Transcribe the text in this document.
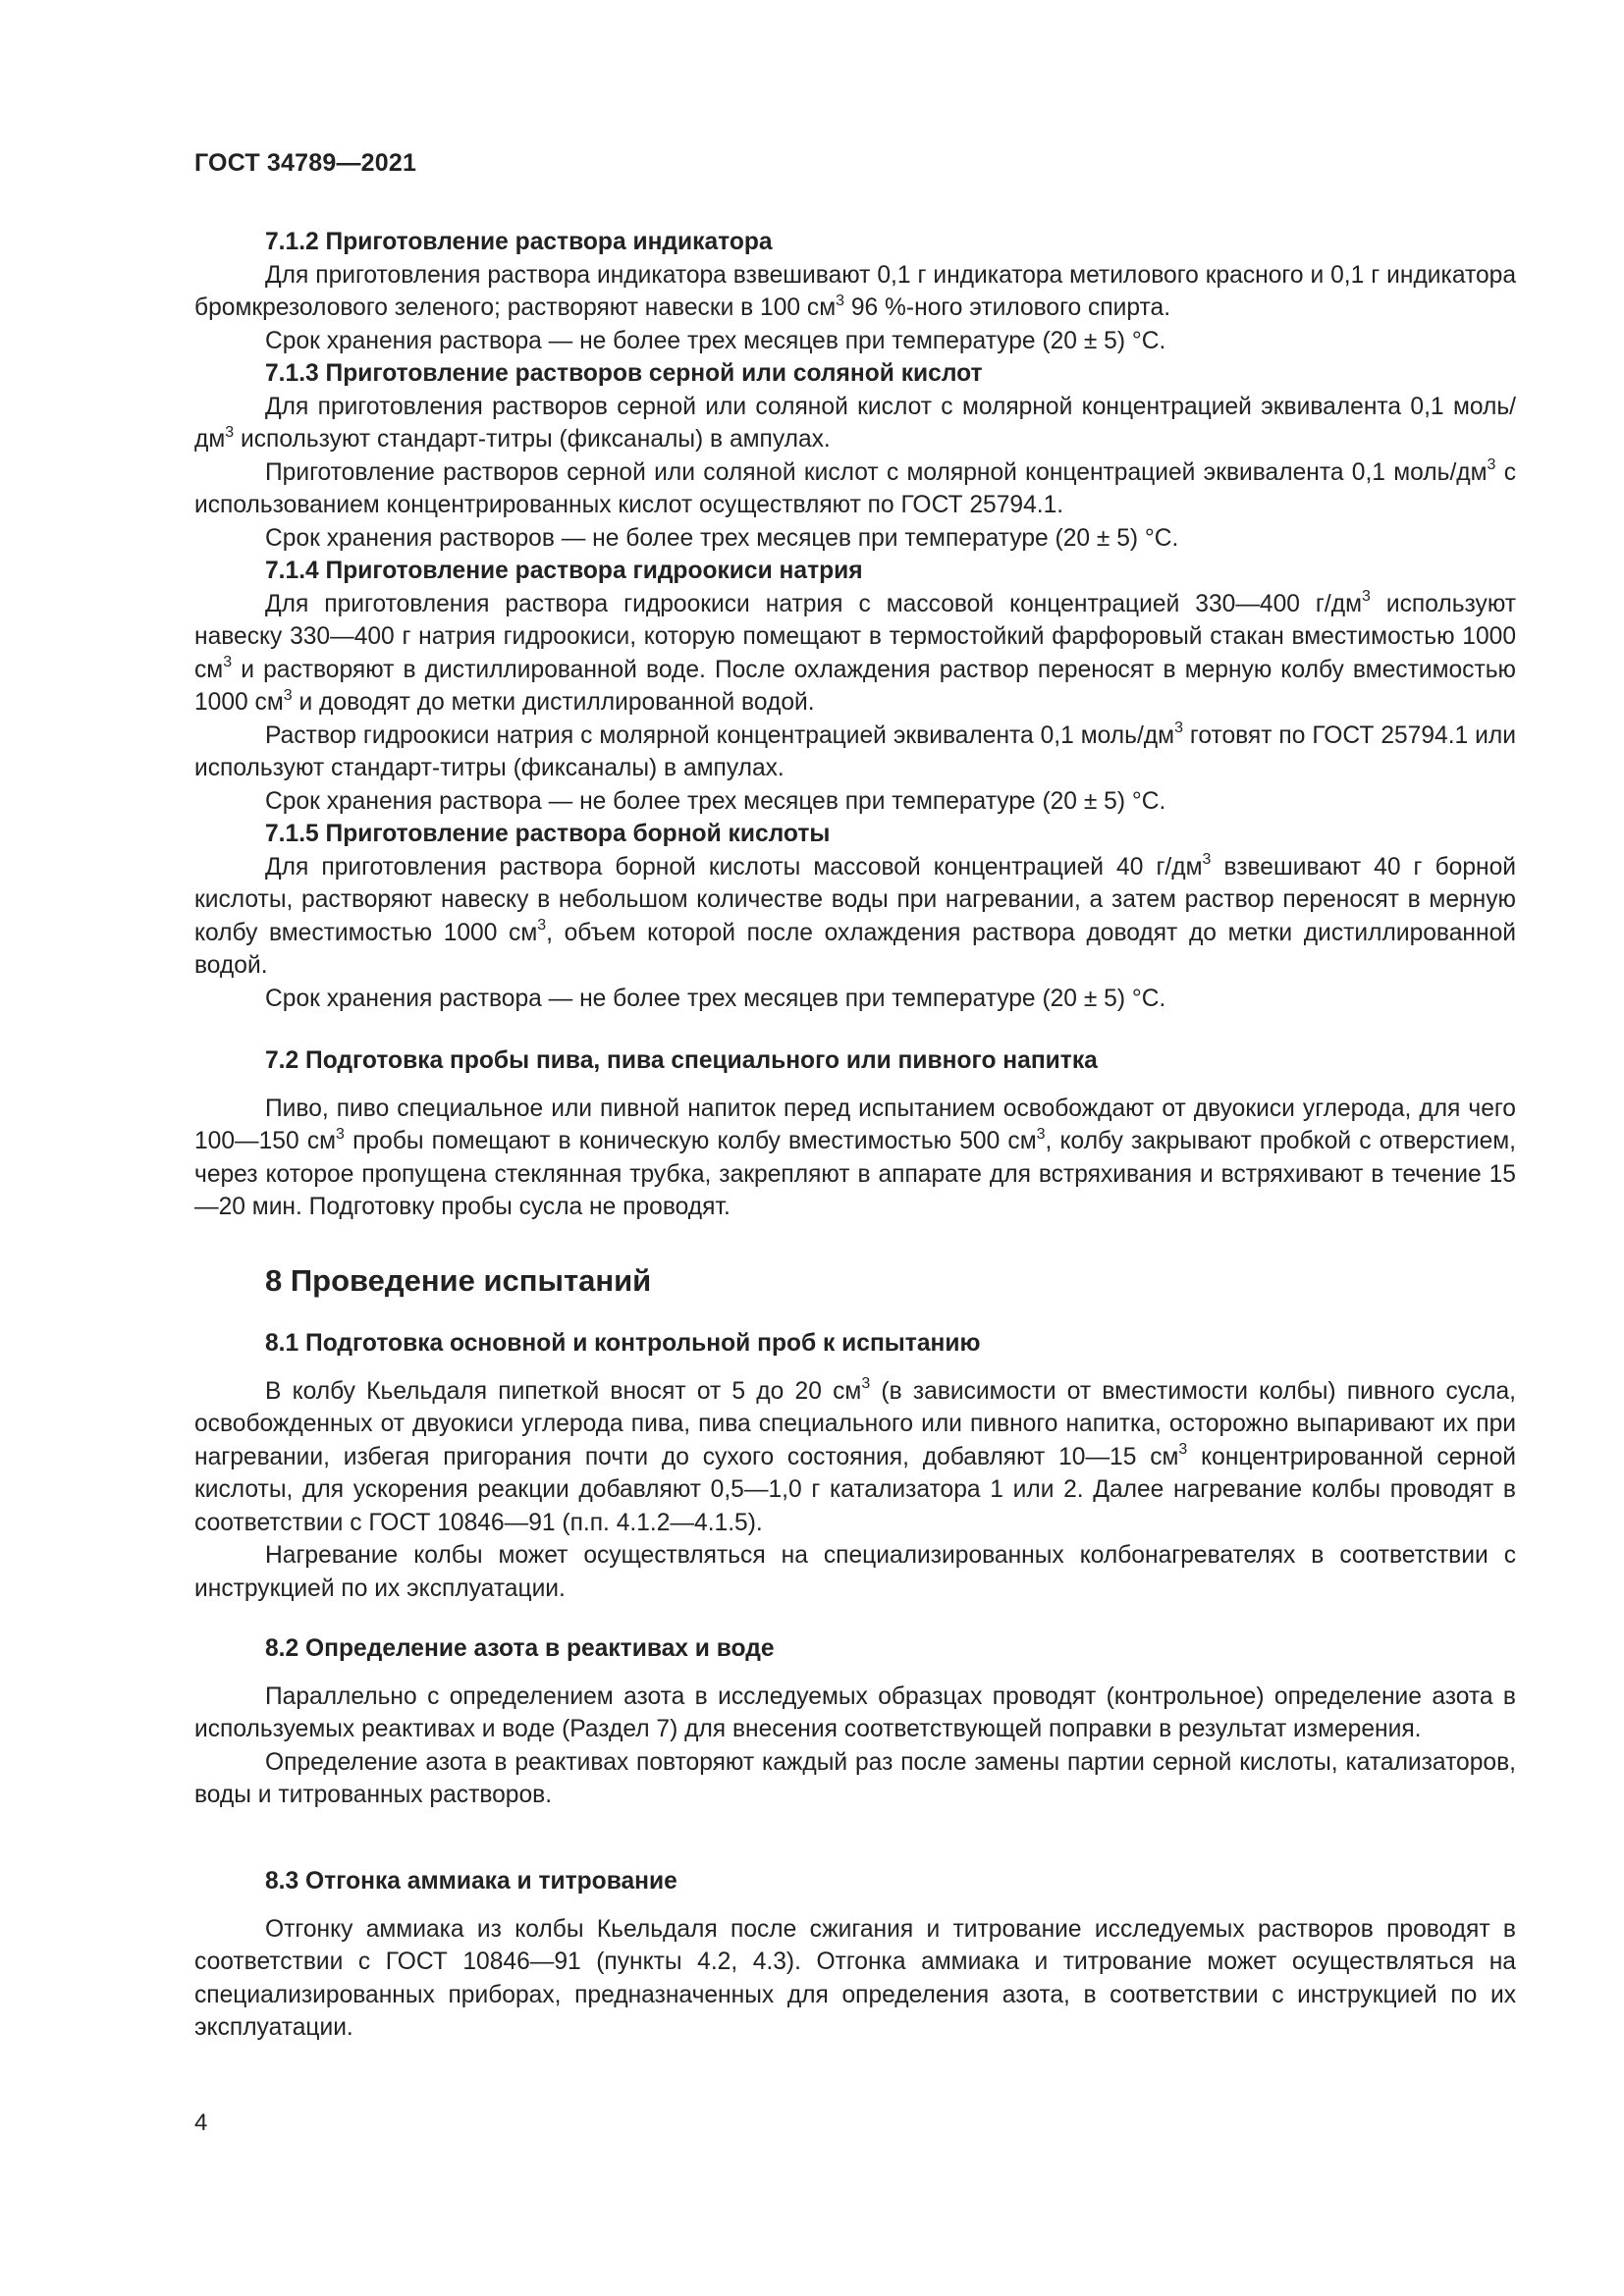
ГОСТ 34789—2021

7.1.2 Приготовление раствора индикатора

Для приготовления раствора индикатора взвешивают 0,1 г индикатора метилового красного и 0,1 г индикатора бромкрезолового зеленого; растворяют навески в 100 $см^3$ 96 %-ного этилового спирта.

Срок хранения раствора — не более трех месяцев при температуре (20 ± 5) °С.

7.1.3 Приготовление растворов серной или соляной кислот

Для приготовления растворов серной или соляной кислот с молярной концентрацией эквивалента 0,1 моль/$дм^3$ используют стандарт-титры (фиксаналы) в ампулах.

Приготовление растворов серной или соляной кислот с молярной концентрацией эквивалента 0,1 моль/$дм^3$ с использованием концентрированных кислот осуществляют по ГОСТ 25794.1.

Срок хранения растворов — не более трех месяцев при температуре (20 ± 5) °С.

7.1.4 Приготовление раствора гидроокиси натрия

Для приготовления раствора гидроокиси натрия с массовой концентрацией 330—400 $г/дм^3$ используют навеску 330—400 г натрия гидроокиси, которую помещают в термостойкий фарфоровый стакан вместимостью 1000 $см^3$ и растворяют в дистиллированной воде. После охлаждения раствор переносят в мерную колбу вместимостью 1000 $см^3$ и доводят до метки дистиллированной водой.

Раствор гидроокиси натрия с молярной концентрацией эквивалента 0,1 моль/$дм^3$ готовят по ГОСТ 25794.1 или используют стандарт-титры (фиксаналы) в ампулах.

Срок хранения раствора — не более трех месяцев при температуре (20 ± 5) °С.

7.1.5 Приготовление раствора борной кислоты

Для приготовления раствора борной кислоты массовой концентрацией 40 $г/дм^3$ взвешивают 40 г борной кислоты, растворяют навеску в небольшом количестве воды при нагревании, а затем раствор переносят в мерную колбу вместимостью 1000 $см^3$, объем которой после охлаждения раствора доводят до метки дистиллированной водой.

Срок хранения раствора — не более трех месяцев при температуре (20 ± 5) °С.

7.2 Подготовка пробы пива, пива специального или пивного напитка

Пиво, пиво специальное или пивной напиток перед испытанием освобождают от двуокиси углерода, для чего 100—150 $см^3$ пробы помещают в коническую колбу вместимостью 500 $см^3$, колбу закрывают пробкой с отверстием, через которое пропущена стеклянная трубка, закрепляют в аппарате для встряхивания и встряхивают в течение 15—20 мин. Подготовку пробы сусла не проводят.

8 Проведение испытаний

8.1 Подготовка основной и контрольной проб к испытанию

В колбу Кьельдаля пипеткой вносят от 5 до 20 $см^3$ (в зависимости от вместимости колбы) пивного сусла, освобожденных от двуокиси углерода пива, пива специального или пивного напитка, осторожно выпаривают их при нагревании, избегая пригорания почти до сухого состояния, добавляют 10—15 $см^3$ концентрированной серной кислоты, для ускорения реакции добавляют 0,5—1,0 г катализатора 1 или 2. Далее нагревание колбы проводят в соответствии с ГОСТ 10846—91 (п.п. 4.1.2—4.1.5).

Нагревание колбы может осуществляться на специализированных колбонагревателях в соответствии с инструкцией по их эксплуатации.

8.2 Определение азота в реактивах и воде

Параллельно с определением азота в исследуемых образцах проводят (контрольное) определение азота в используемых реактивах и воде (Раздел 7) для внесения соответствующей поправки в результат измерения.

Определение азота в реактивах повторяют каждый раз после замены партии серной кислоты, катализаторов, воды и титрованных растворов.

8.3 Отгонка аммиака и титрование

Отгонку аммиака из колбы Кьельдаля после сжигания и титрование исследуемых растворов проводят в соответствии с ГОСТ 10846—91 (пункты 4.2, 4.3). Отгонка аммиака и титрование может осуществляться на специализированных приборах, предназначенных для определения азота, в соответствии с инструкцией по их эксплуатации.

4
